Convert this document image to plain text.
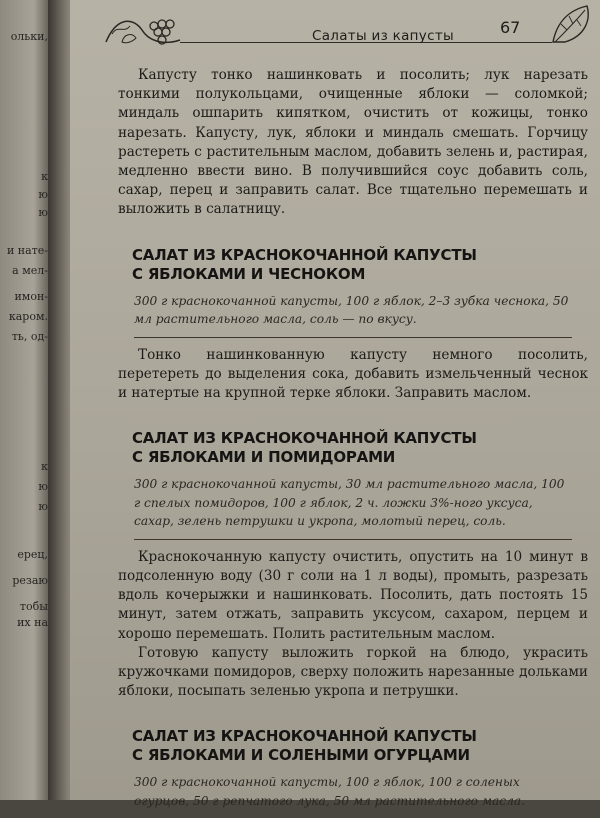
ольки,
к
ю
ю
и нате-
а мел-
имон-
каром.
ть, од-
к
ю
ю
ерец,
резаю
тобы
их на
Салаты из капусты	67

Капусту тонко нашинковать и посолить; лук нарезать тонкими полукольцами, очищенные яблоки — соломкой; миндаль ошпарить кипятком, очистить от кожицы, тонко нарезать. Капусту, лук, яблоки и миндаль смешать. Горчицу растереть с растительным маслом, добавить зелень и, растирая, медленно ввести вино. В получившийся соус добавить соль, сахар, перец и заправить салат. Все тщательно перемешать и выложить в салатницу.

САЛАТ ИЗ КРАСНОКОЧАННОЙ КАПУСТЫ
С ЯБЛОКАМИ И ЧЕСНОКОМ

300 г краснокочанной капусты, 100 г яблок, 2–3 зубка чеснока, 50 мл растительного масла, соль — по вкусу.

Тонко нашинкованную капусту немного посолить, перетереть до выделения сока, добавить измельченный чеснок и натертые на крупной терке яблоки. Заправить маслом.

САЛАТ ИЗ КРАСНОКОЧАННОЙ КАПУСТЫ
С ЯБЛОКАМИ И ПОМИДОРАМИ

300 г краснокочанной капусты, 30 мл растительного масла, 100 г спелых помидоров, 100 г яблок, 2 ч. ложки 3%-ного уксуса, сахар, зелень петрушки и укропа, молотый перец, соль.

Краснокочанную капусту очистить, опустить на 10 минут в подсоленную воду (30 г соли на 1 л воды), промыть, разрезать вдоль кочерыжки и нашинковать. Посолить, дать постоять 15 минут, затем отжать, заправить уксусом, сахаром, перцем и хорошо перемешать. Полить растительным маслом.

Готовую капусту выложить горкой на блюдо, украсить кружочками помидоров, сверху положить нарезанные дольками яблоки, посыпать зеленью укропа и петрушки.

САЛАТ ИЗ КРАСНОКОЧАННОЙ КАПУСТЫ
С ЯБЛОКАМИ И СОЛЕНЫМИ ОГУРЦАМИ

300 г краснокочанной капусты, 100 г яблок, 100 г соленых огурцов, 50 г репчатого лука, 50 мл растительного масла.
